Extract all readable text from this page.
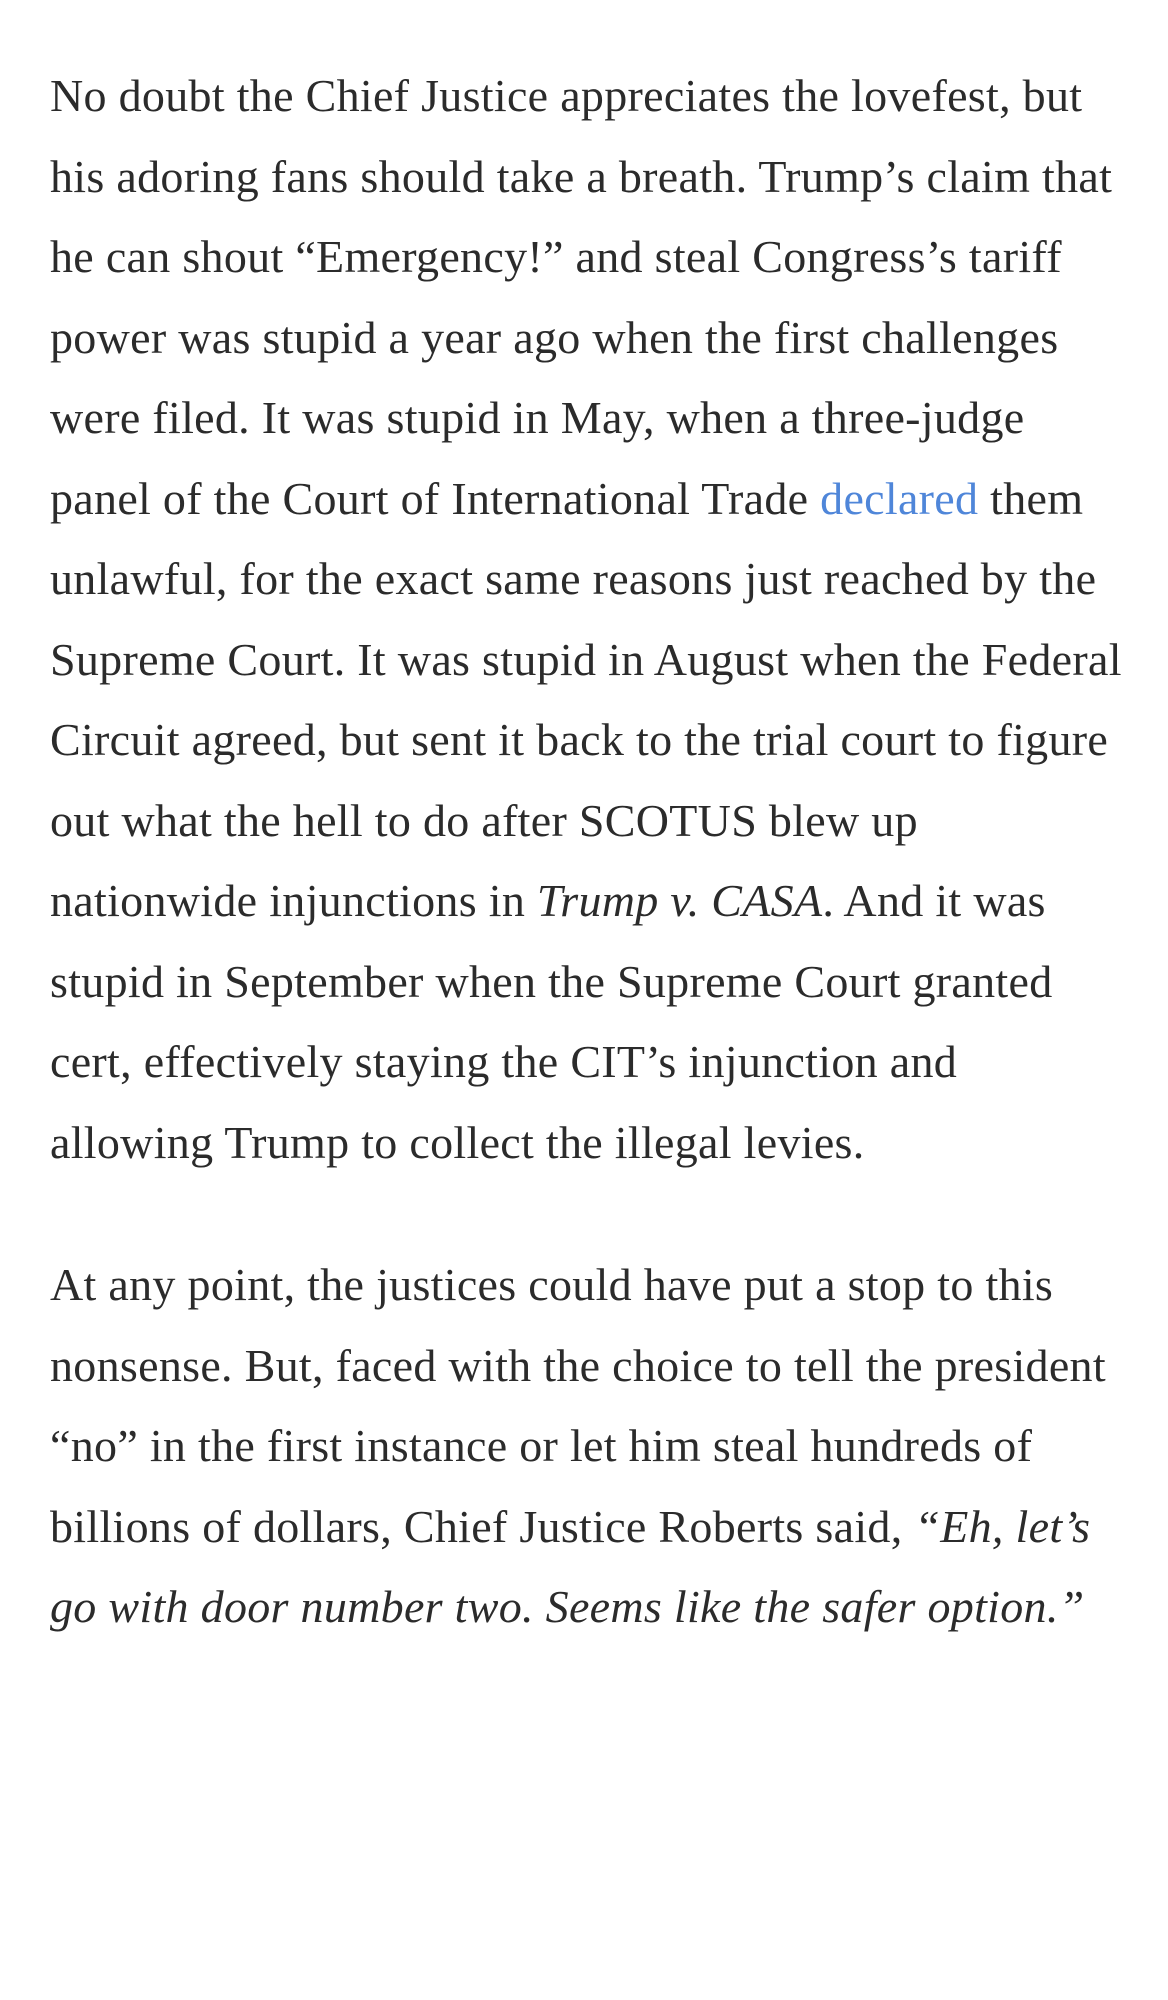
No doubt the Chief Justice appreciates the lovefest, but his adoring fans should take a breath. Trump’s claim that he can shout “Emergency!” and steal Congress’s tariff power was stupid a year ago when the first challenges were filed. It was stupid in May, when a three-judge panel of the Court of International Trade declared them unlawful, for the exact same reasons just reached by the Supreme Court. It was stupid in August when the Federal Circuit agreed, but sent it back to the trial court to figure out what the hell to do after SCOTUS blew up nationwide injunctions in Trump v. CASA. And it was stupid in September when the Supreme Court granted cert, effectively staying the CIT’s injunction and allowing Trump to collect the illegal levies.

At any point, the justices could have put a stop to this nonsense. But, faced with the choice to tell the president “no” in the first instance or let him steal hundreds of billions of dollars, Chief Justice Roberts said, “Eh, let’s go with door number two. Seems like the safer option.”
